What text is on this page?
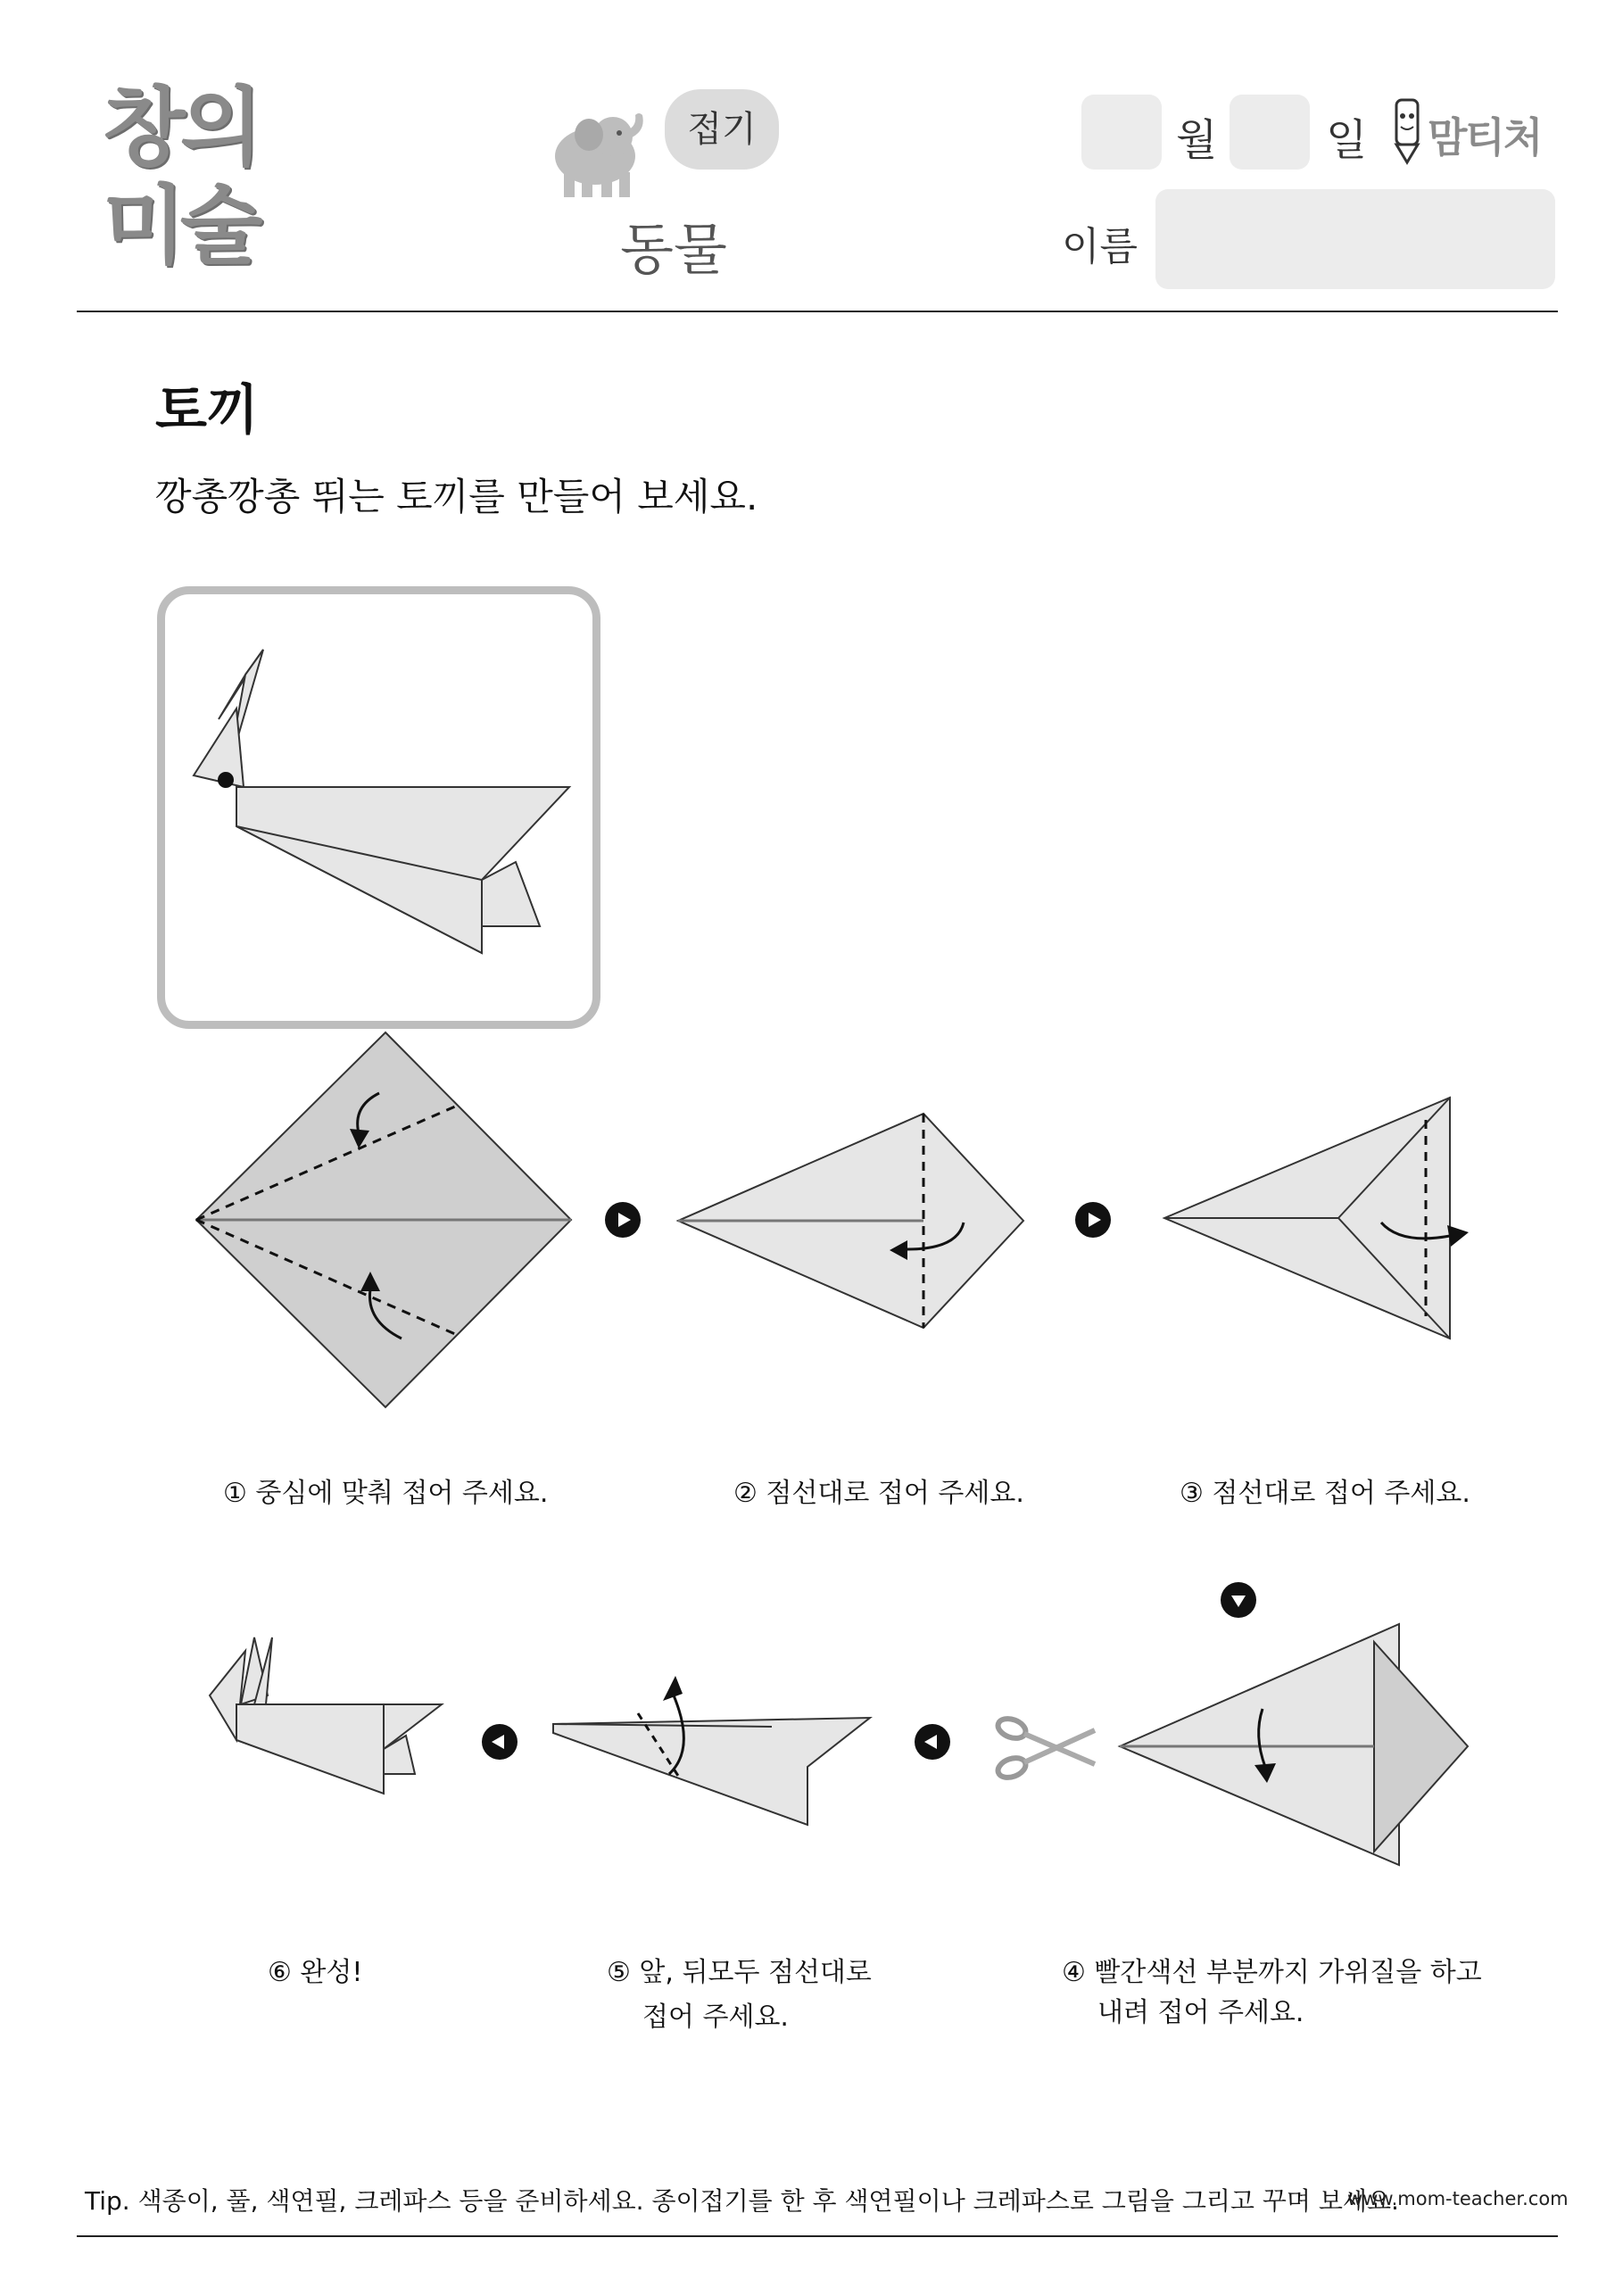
창의
미술
접기
동물
월	일 맘티처
이름
토끼
깡총깡총 뛰는 토끼를 만들어 보세요.
① 중심에 맞춰 접어 주세요.	② 점선대로 접어 주세요.	③ 점선대로 접어 주세요.
④ 빨간색선 부분까지 가위질을 하고
내려 접어 주세요.
⑤ 앞, 뒤모두 점선대로
접어 주세요.
⑥ 완성!
Tip. 색종이, 풀, 색연필, 크레파스 등을 준비하세요. 종이접기를 한 후 색연필이나 크레파스로 그림을 그리고 꾸며 보세요.
www.mom-teacher.com
